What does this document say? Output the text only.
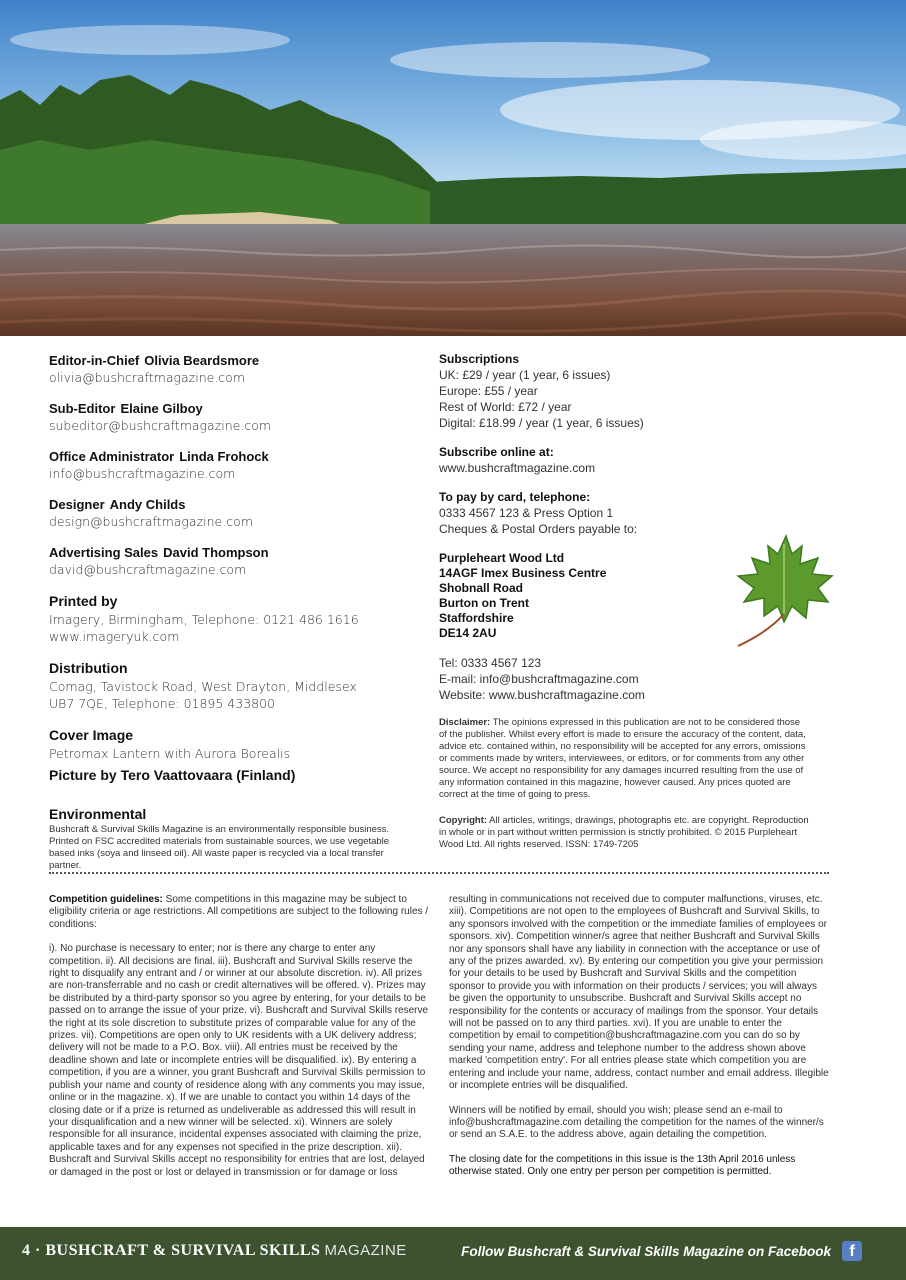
Editor-in-Chief Olivia Beardsmore
olivia@bushcraftmagazine.com
Sub-Editor Elaine Gilboy
subeditor@bushcraftmagazine.com
Office Administrator Linda Frohock
info@bushcraftmagazine.com
Designer Andy Childs
design@bushcraftmagazine.com
Advertising Sales David Thompson
david@bushcraftmagazine.com
Printed by
Imagery, Birmingham, Telephone: 0121 486 1616
www.imageryuk.com
Distribution
Comag, Tavistock Road, West Drayton, Middlesex
UB7 7QE, Telephone: 01895 433800
Cover Image
Petromax Lantern with Aurora Borealis
Picture by Tero Vaattovaara (Finland)
Environmental
Bushcraft & Survival Skills Magazine is an environmentally responsible business. Printed on FSC accredited materials from sustainable sources, we use vegetable based inks (soya and linseed oil). All waste paper is recycled via a local transfer partner.
Subscriptions
UK: £29 / year (1 year, 6 issues)
Europe: £55 / year
Rest of World: £72 / year
Digital: £18.99 / year (1 year, 6 issues)
Subscribe online at:
www.bushcraftmagazine.com
To pay by card, telephone:
0333 4567 123 & Press Option 1
Cheques & Postal Orders payable to:
Purpleheart Wood Ltd
14AGF Imex Business Centre
Shobnall Road
Burton on Trent
Staffordshire
DE14 2AU
Tel: 0333 4567 123
E-mail: info@bushcraftmagazine.com
Website: www.bushcraftmagazine.com
Disclaimer: The opinions expressed in this publication are not to be considered those of the publisher. Whilst every effort is made to ensure the accuracy of the content, data, advice etc. contained within, no responsibility will be accepted for any errors, omissions or comments made by writers, interviewees, or editors, or for comments from any other source. We accept no responsibility for any damages incurred resulting from the use of any information contained in this magazine, however caused. Any prices quoted are correct at the time of going to press.
Copyright: All articles, writings, drawings, photographs etc. are copyright. Reproduction in whole or in part without written permission is strictly prohibited. © 2015 Purpleheart Wood Ltd. All rights reserved. ISSN: 1749-7205

Competition guidelines: Some competitions in this magazine may be subject to eligibility criteria or age restrictions. All competitions are subject to the following rules / conditions:

i). No purchase is necessary to enter; nor is there any charge to enter any competition. ii). All decisions are final. iii). Bushcraft and Survival Skills reserve the right to disqualify any entrant and / or winner at our absolute discretion. iv). All prizes are non-transferrable and no cash or credit alternatives will be offered. v). Prizes may be distributed by a third-party sponsor so you agree by entering, for your details to be passed on to arrange the issue of your prize. vi). Bushcraft and Survival Skills reserve the right at its sole discretion to substitute prizes of comparable value for any of the prizes. vii). Competitions are open only to UK residents with a UK delivery address; delivery will not be made to a P.O. Box. viii). All entries must be received by the deadline shown and late or incomplete entries will be disqualified. ix). By entering a competition, if you are a winner, you grant Bushcraft and Survival Skills permission to publish your name and county of residence along with any comments you may issue, online or in the magazine. x). If we are unable to contact you within 14 days of the closing date or if a prize is returned as undeliverable as addressed this will result in your disqualification and a new winner will be selected. xi). Winners are solely responsible for all insurance, incidental expenses associated with claiming the prize, applicable taxes and for any expenses not specified in the prize description. xii). Bushcraft and Survival Skills accept no responsibility for entries that are lost, delayed or damaged in the post or lost or delayed in transmission or for damage or loss

resulting in communications not received due to computer malfunctions, viruses, etc. xiii). Competitions are not open to the employees of Bushcraft and Survival Skills, to any sponsors involved with the competition or the immediate families of employees or sponsors. xiv). Competition winner/s agree that neither Bushcraft and Survival Skills nor any sponsors shall have any liability in connection with the acceptance or use of any of the prizes awarded. xv). By entering our competition you give your permission for your details to be used by Bushcraft and Survival Skills and the competition sponsor to provide you with information on their products / services; you will always be given the opportunity to unsubscribe. Bushcraft and Survival Skills accept no responsibility for the contents or accuracy of mailings from the sponsor. Your details will not be passed on to any third parties. xvi). If you are unable to enter the competition by email to competition@bushcraftmagazine.com you can do so by sending your name, address and telephone number to the address shown above marked 'competition entry'. For all entries please state which competition you are entering and include your name, address, contact number and email address. Illegible or incomplete entries will be disqualified.

Winners will be notified by email, should you wish; please send an e-mail to info@bushcraftmagazine.com detailing the competition for the names of the winner/s or send an S.A.E. to the address above, again detailing the competition.

The closing date for the competitions in this issue is the 13th April 2016 unless otherwise stated. Only one entry per person per competition is permitted.

4 · BUSHCRAFT & SURVIVAL SKILLS MAGAZINE	Follow Bushcraft & Survival Skills Magazine on Facebook	f
